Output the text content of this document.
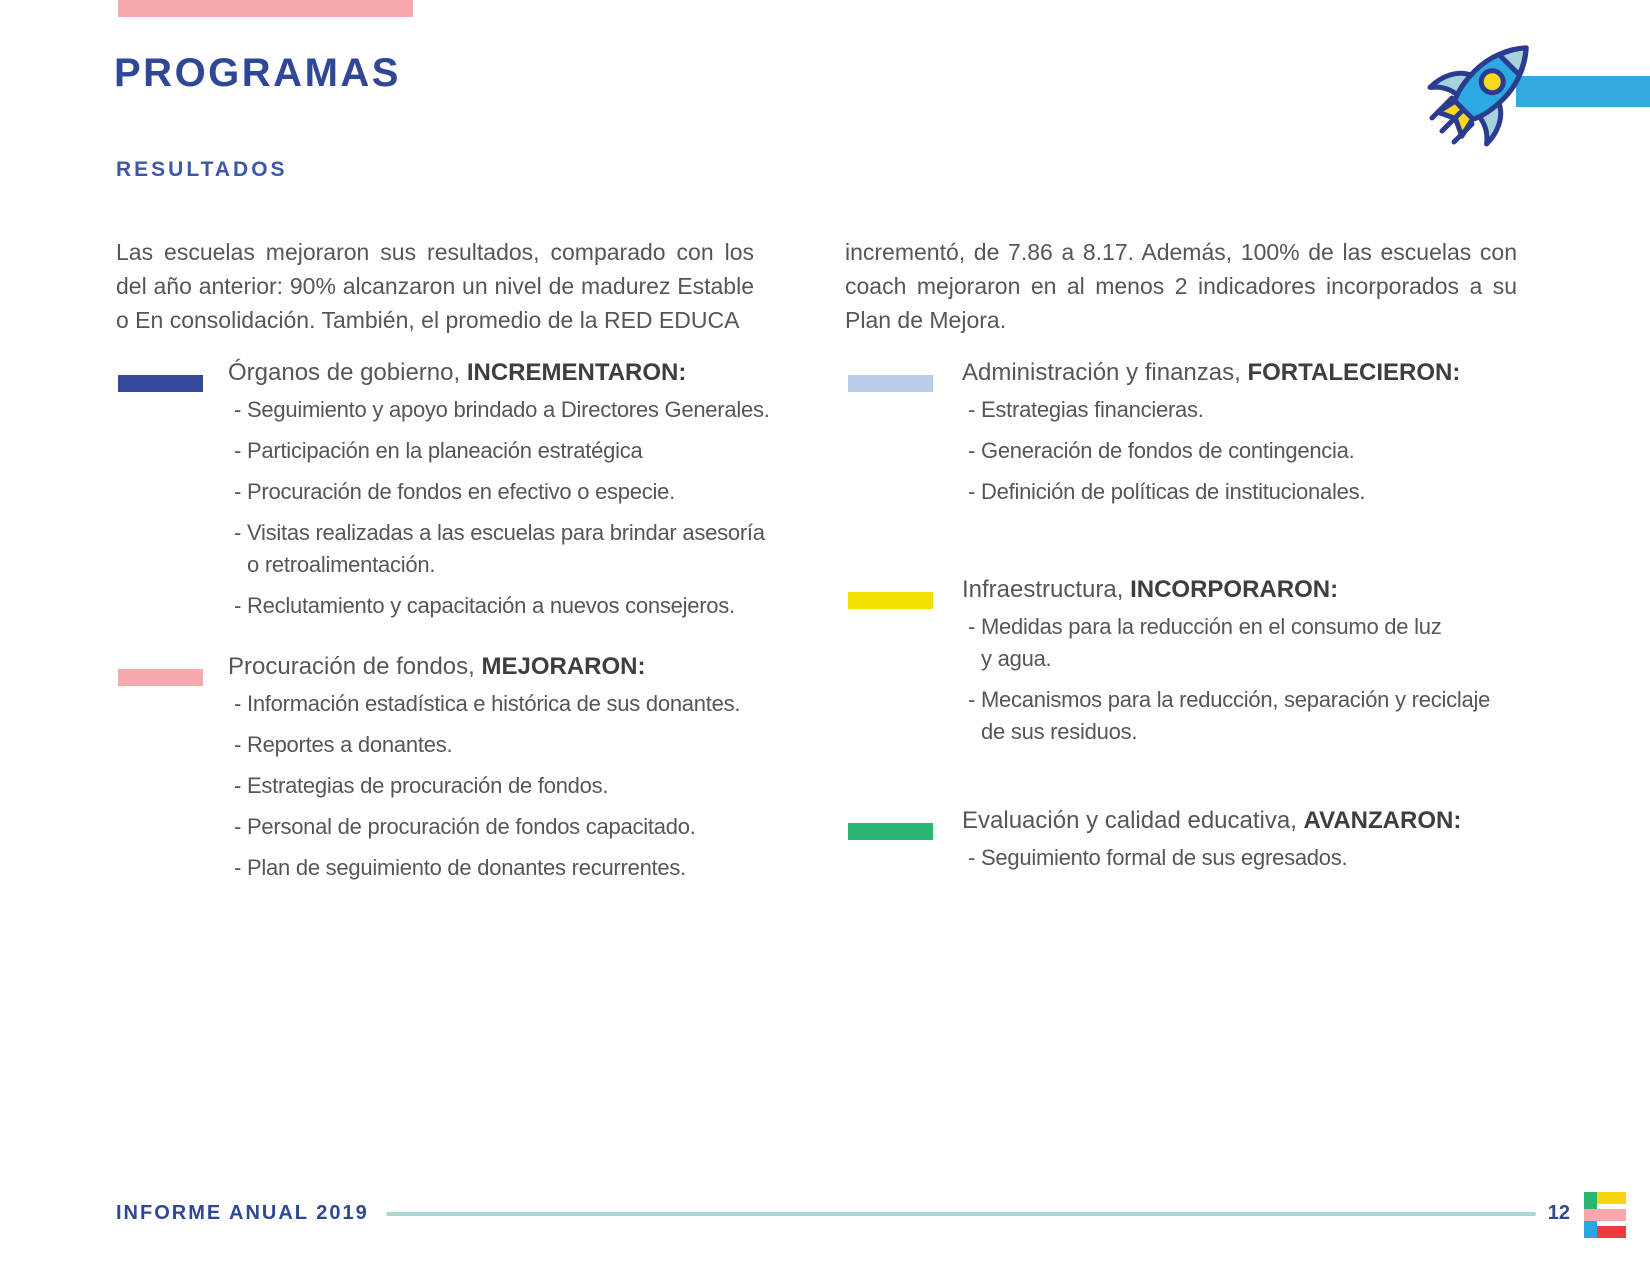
PROGRAMAS
RESULTADOS

Las escuelas mejoraron sus resultados, comparado con los del año anterior: 90% alcanzaron un nivel de madurez Estable o En consolidación. También, el promedio de la RED EDUCA

incrementó, de 7.86 a 8.17. Además, 100% de las escuelas con coach mejoraron en al menos 2 indicadores incorporados a su Plan de Mejora.

Órganos de gobierno, INCREMENTARON:
- Seguimiento y apoyo brindado a Directores Generales.
- Participación en la planeación estratégica
- Procuración de fondos en efectivo o especie.
- Visitas realizadas a las escuelas para brindar asesoría o retroalimentación.
- Reclutamiento y capacitación a nuevos consejeros.
Procuración de fondos, MEJORARON:
- Información estadística e histórica de sus donantes.
- Reportes a donantes.
- Estrategias de procuración de fondos.
- Personal de procuración de fondos capacitado.
- Plan de seguimiento de donantes recurrentes.
Administración y finanzas, FORTALECIERON:
- Estrategias financieras.
- Generación de fondos de contingencia.
- Definición de políticas de institucionales.
Infraestructura, INCORPORARON:
- Medidas para la reducción en el consumo de luz y agua.
- Mecanismos para la reducción, separación y reciclaje de sus residuos.
Evaluación y calidad educativa, AVANZARON:
- Seguimiento formal de sus egresados.
INFORME ANUAL 2019	12
